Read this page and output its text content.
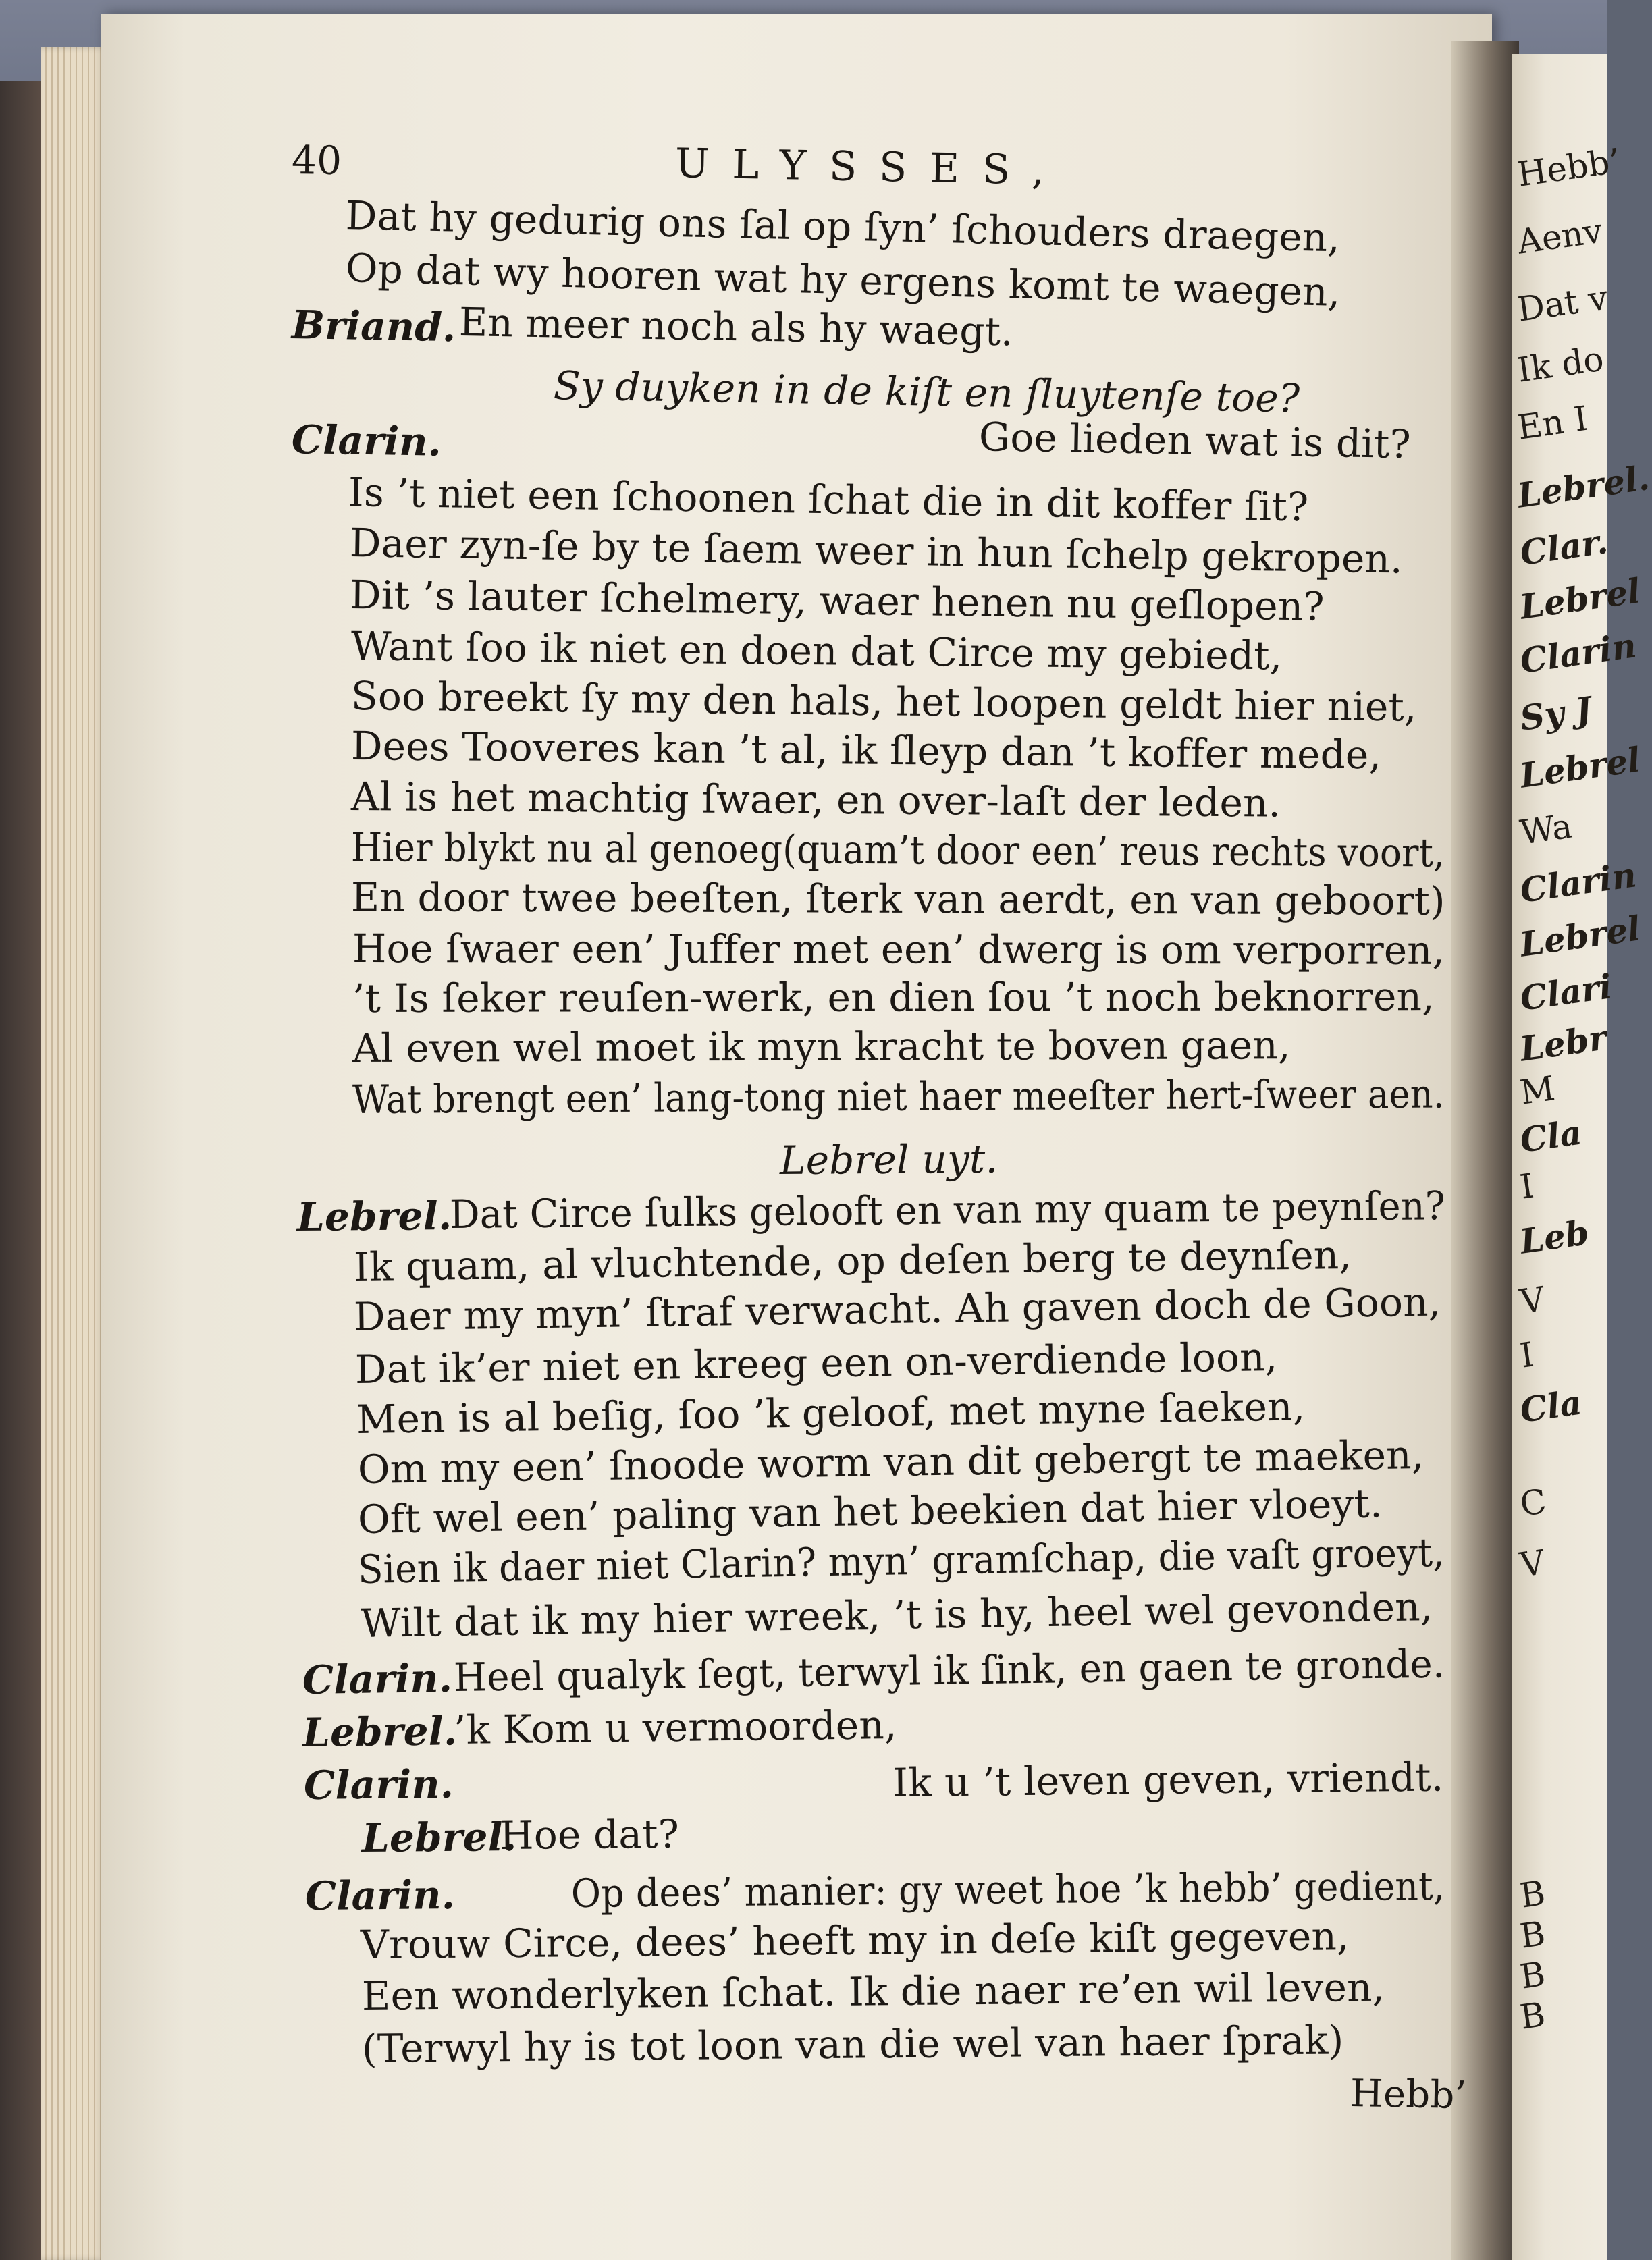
Hebb’

Aenv

Dat v

Ik do

En I

Lebrel.

Clar.

Lebrel

Clarin

Sy J

Lebrel

Wa

Clarin

Lebrel

Clari

Lebr

M

Cla

I

Leb

V

I

Cla

C

V

B

B

B

B

40	ULYSSES,

Hebb’

Dat hy gedurig ons ſal op ſyn’ ſchouders draegen,

Op dat wy hooren wat hy ergens komt te waegen,

Briand. En meer noch als hy waegt.

Sy duyken in de kiſt en ſluytenſe toe?

Clarin.	Goe lieden wat is dit?

Is ’t niet een ſchoonen ſchat die in dit koffer ſit?

Daer zyn-ſe by te ſaem weer in hun ſchelp gekropen.

Dit ’s lauter ſchelmery, waer henen nu geſlopen?

Want ſoo ik niet en doen dat Circe my gebiedt,

Soo breekt ſy my den hals, het loopen geldt hier niet,

Dees Tooveres kan ’t al, ik ſleyp dan ’t koffer mede,

Al is het machtig ſwaer, en over-laſt der leden.

Hier blykt nu al genoeg(quam’t door een’ reus rechts voort,

En door twee beeſten, ſterk van aerdt, en van geboort)

Hoe ſwaer een’ Juffer met een’ dwerg is om verporren,

’t Is ſeker reuſen-werk, en dien ſou ’t noch beknorren,

Al even wel moet ik myn kracht te boven gaen,

Wat brengt een’ lang-tong niet haer meeſter hert-ſweer aen.

Lebrel uyt.

Lebrel.

Dat Circe ſulks gelooft en van my quam te peynſen?

Ik quam, al vluchtende, op deſen berg te deynſen,

Daer my myn’ ſtraf verwacht. Ah gaven doch de Goon,

Dat ik’er niet en kreeg een on-verdiende loon,

Men is al beſig, ſoo ’k geloof, met myne ſaeken,

Om my een’ ſnoode worm van dit gebergt te maeken,

Oft wel een’ paling van het beekien dat hier vloeyt.

Sien ik daer niet Clarin? myn’ gramſchap, die vaſt groeyt,

Wilt dat ik my hier wreek, ’t is hy, heel wel gevonden,

Clarin. Heel qualyk ſegt, terwyl ik ſink, en gaen te gronde.

Lebrel.

’k Kom u vermoorden,

Clarin.	Ik u ’t leven geven, vriendt.

Lebrel.

Hoe dat?

Clarin.	Op dees’ manier: gy weet hoe ’k hebb’ gedient,

Vrouw Circe, dees’ heeft my in deſe kiſt gegeven,

Een wonderlyken ſchat. Ik die naer re’en wil leven,

(Terwyl hy is tot loon van die wel van haer ſprak)
